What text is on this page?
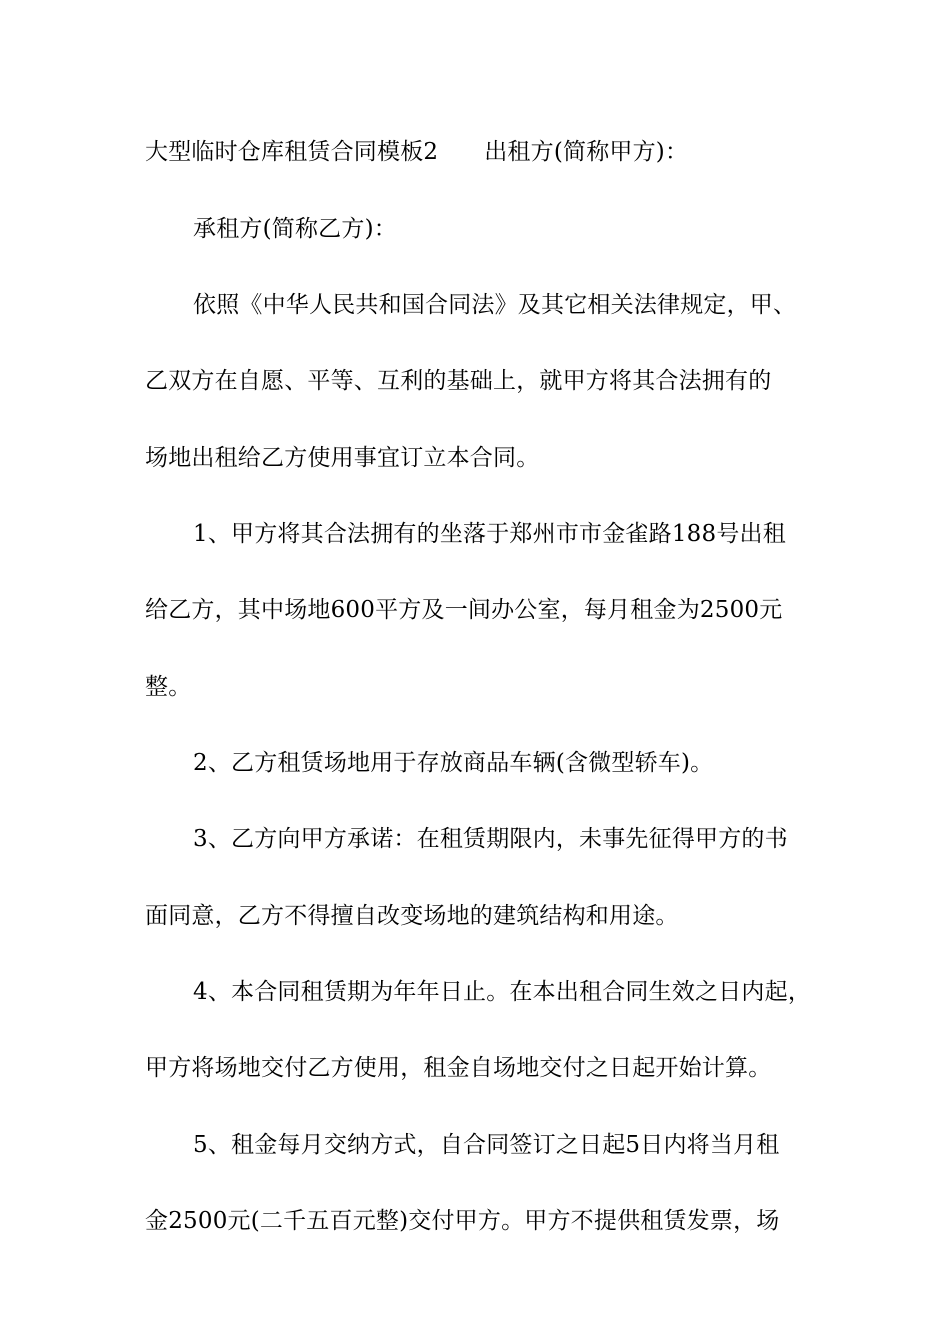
大型临时仓库租赁合同模板2 出租方(简称甲方)：
承租方(简称乙方)：
依照《中华人民共和国合同法》及其它相关法律规定，甲、
乙双方在自愿、平等、互利的基础上，就甲方将其合法拥有的
场地出租给乙方使用事宜订立本合同。
1、甲方将其合法拥有的坐落于郑州市市金雀路188号出租
给乙方，其中场地600平方及一间办公室，每月租金为2500元
整。
2、乙方租赁场地用于存放商品车辆(含微型轿车)。
3、乙方向甲方承诺：在租赁期限内，未事先征得甲方的书
面同意，乙方不得擅自改变场地的建筑结构和用途。
4、本合同租赁期为年年日止。在本出租合同生效之日内起，
甲方将场地交付乙方使用，租金自场地交付之日起开始计算。
5、租金每月交纳方式，自合同签订之日起5日内将当月租
金2500元(二千五百元整)交付甲方。甲方不提供租赁发票，场
